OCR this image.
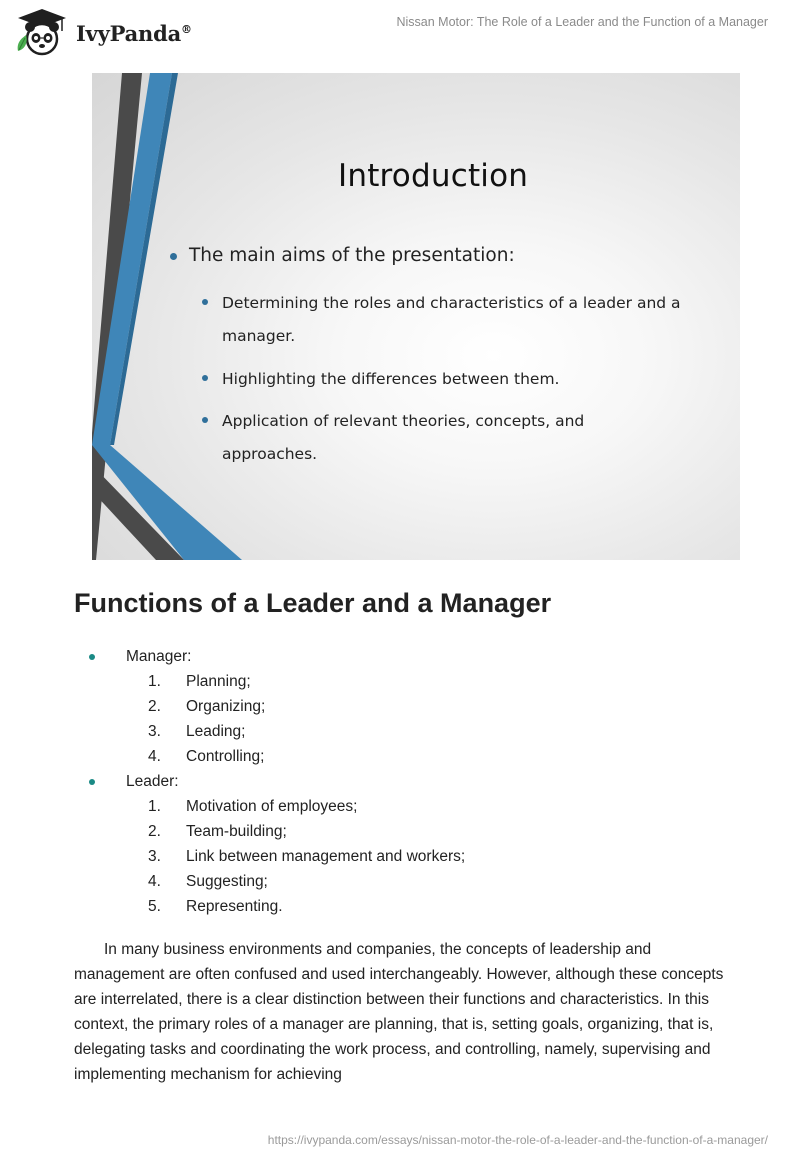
IvyPanda®	Nissan Motor: The Role of a Leader and the Function of a Manager
Introduction
The main aims of the presentation:
Determining the roles and characteristics of a leader and a manager.
Highlighting the differences between them.
Application of relevant theories, concepts, and approaches.
Functions of a Leader and a Manager
Manager:
1. Planning;
2. Organizing;
3. Leading;
4. Controlling;
Leader:
1. Motivation of employees;
2. Team-building;
3. Link between management and workers;
4. Suggesting;
5. Representing.

In many business environments and companies, the concepts of leadership and management are often confused and used interchangeably. However, although these concepts are interrelated, there is a clear distinction between their functions and characteristics. In this context, the primary roles of a manager are planning, that is, setting goals, organizing, that is, delegating tasks and coordinating the work process, and controlling, namely, supervising and implementing mechanism for achieving

https://ivypanda.com/essays/nissan-motor-the-role-of-a-leader-and-the-function-of-a-manager/
